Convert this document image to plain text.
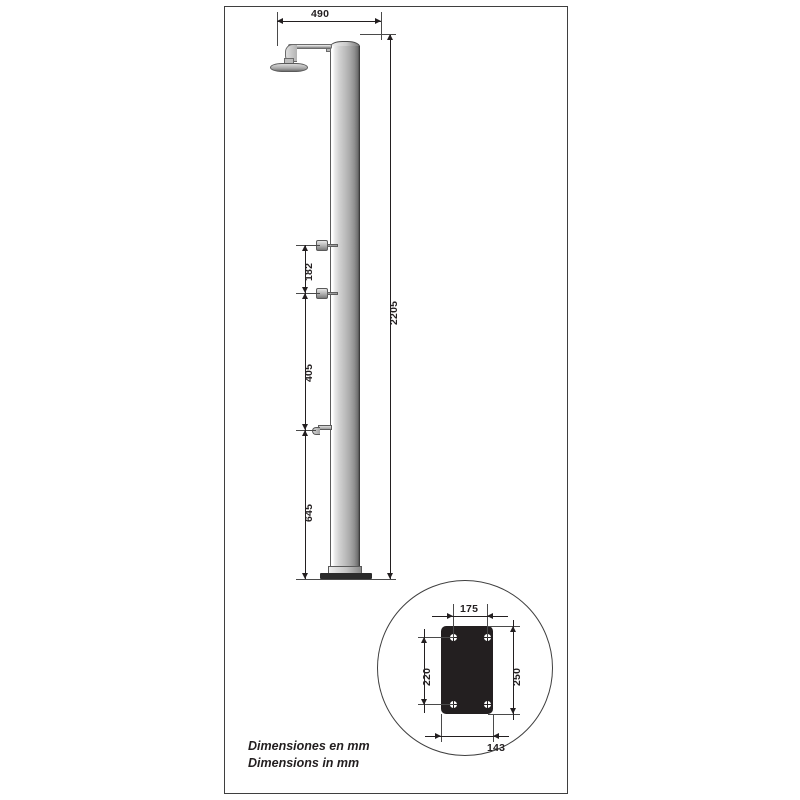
490
2205
182
405
645
175
143
220	250
Dimensiones en mm
Dimensions in mm
